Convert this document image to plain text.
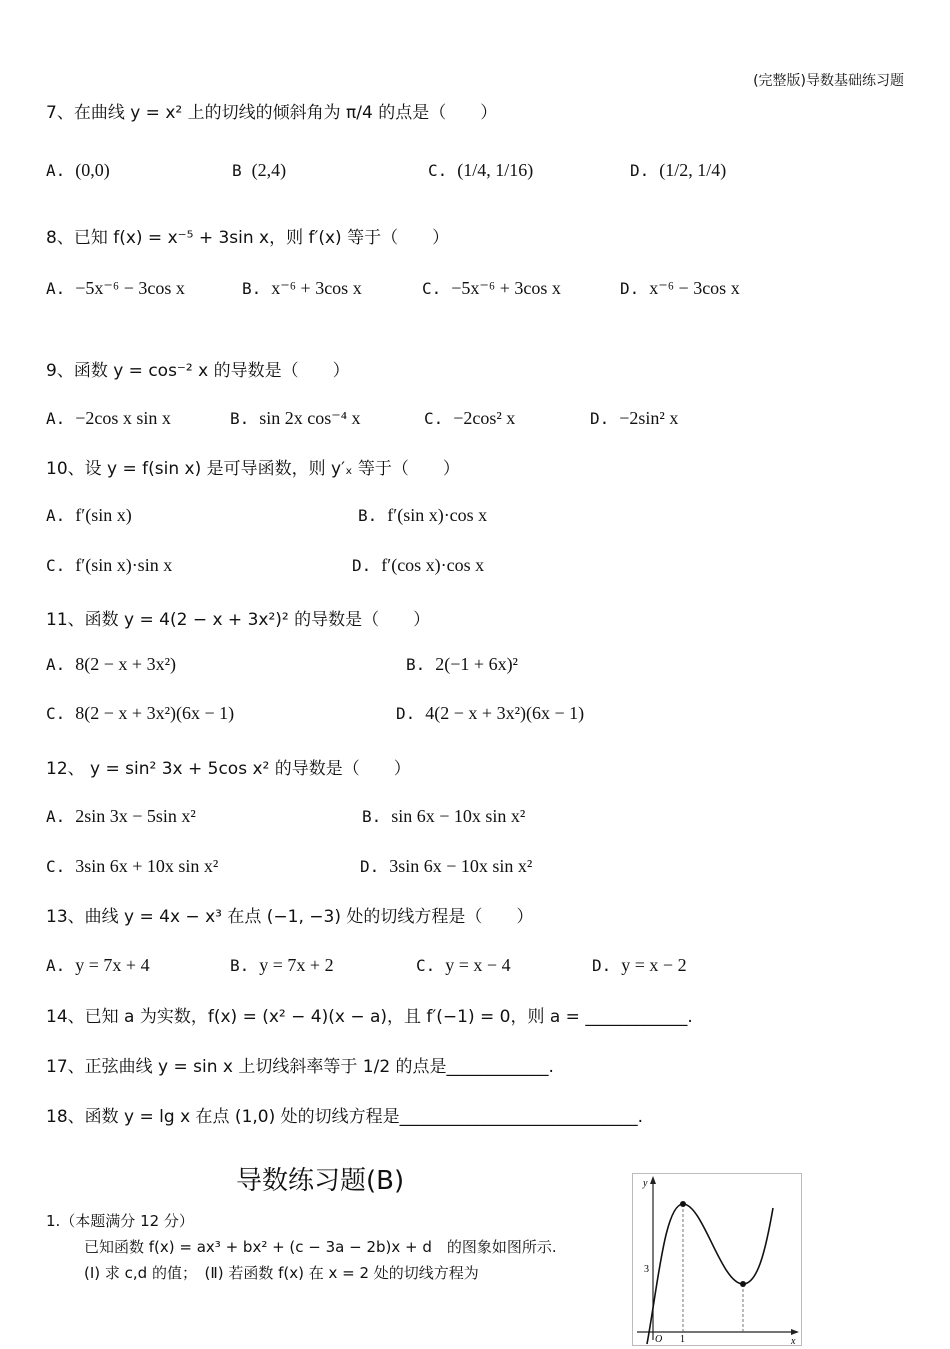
(完整版)导数基础练习题
7、在曲线 y = x² 上的切线的倾斜角为 π/4 的点是（　　）
A. (0,0)	B (2,4)	C. (1/4, 1/16)	D. (1/2, 1/4)
8、已知 f(x) = x⁻⁵ + 3sin x，则 f′(x) 等于（　　）
A. −5x⁻⁶ − 3cos x	B. x⁻⁶ + 3cos x	C. −5x⁻⁶ + 3cos x	D. x⁻⁶ − 3cos x
9、函数 y = cos⁻² x 的导数是（　　）
A. −2cos x sin x	B. sin 2x cos⁻⁴ x	C. −2cos² x	D. −2sin² x
10、设 y = f(sin x) 是可导函数，则 y′ₓ 等于（　　）
A. f′(sin x)	B. f′(sin x)·cos x
C. f′(sin x)·sin x	D. f′(cos x)·cos x
11、函数 y = 4(2 − x + 3x²)² 的导数是（　　）
A. 8(2 − x + 3x²)	B. 2(−1 + 6x)²
C. 8(2 − x + 3x²)(6x − 1)	D. 4(2 − x + 3x²)(6x − 1)
12、 y = sin² 3x + 5cos x² 的导数是（　　）
A. 2sin 3x − 5sin x²	B. sin 6x − 10x sin x²
C. 3sin 6x + 10x sin x²	D. 3sin 6x − 10x sin x²
13、曲线 y = 4x − x³ 在点 (−1, −3) 处的切线方程是（　　）
A. y = 7x + 4	B. y = 7x + 2	C. y = x − 4	D. y = x − 2
14、已知 a 为实数，f(x) = (x² − 4)(x − a)，且 f′(−1) = 0，则 a = ____________.
17、正弦曲线 y = sin x 上切线斜率等于 1/2 的点是____________.
18、函数 y = lg x 在点 (1,0) 处的切线方程是____________________________.
导数练习题(B)
1.（本题满分 12 分）
已知函数 f(x) = ax³ + bx² + (c − 3a − 2b)x + d　的图象如图所示.
(Ⅰ) 求 c,d 的值；　(Ⅱ) 若函数 f(x) 在 x = 2 处的切线方程为
y
x
O 1
3
